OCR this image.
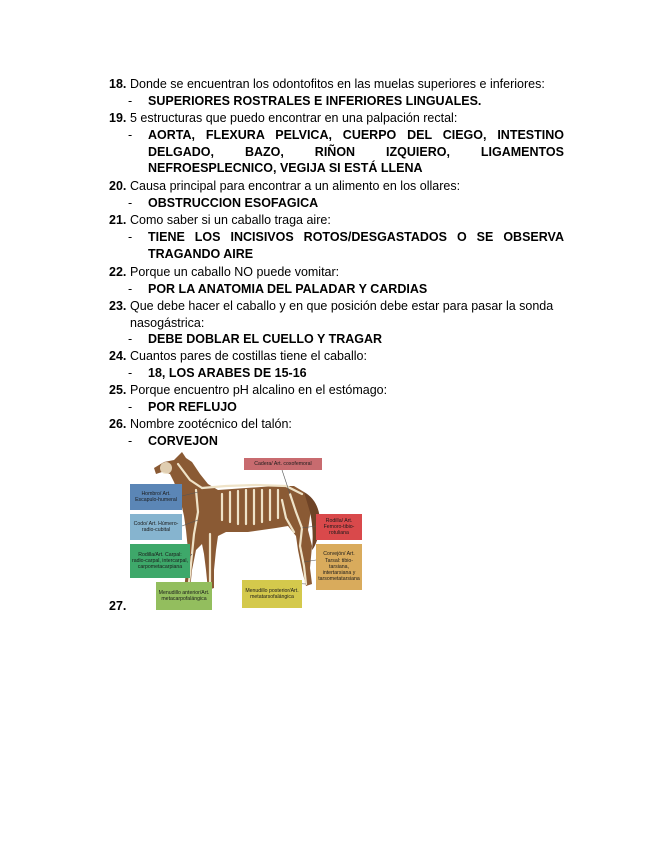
18. Donde se encuentran los odontofitos en las muelas superiores e inferiores:
- SUPERIORES ROSTRALES E INFERIORES LINGUALES.
19. 5 estructuras que puedo encontrar en una palpación rectal:
- AORTA, FLEXURA PELVICA, CUERPO DEL CIEGO, INTESTINO DELGADO, BAZO, RIÑON IZQUIERO, LIGAMENTOS NEFROESPLECNICO, VEGIJA SI ESTÁ LLENA
20. Causa principal para encontrar a un alimento en los ollares:
- OBSTRUCCION ESOFAGICA
21. Como saber si un caballo traga aire:
- TIENE LOS INCISIVOS ROTOS/DESGASTADOS O SE OBSERVA TRAGANDO AIRE
22. Porque un caballo NO puede vomitar:
- POR LA ANATOMIA DEL PALADAR Y CARDIAS
23. Que debe hacer el caballo y en que posición debe estar para pasar la sonda nasogástrica:
- DEBE DOBLAR EL CUELLO Y TRAGAR
24. Cuantos pares de costillas tiene el caballo:
- 18, LOS ARABES DE 15-16
25. Porque encuentro pH alcalino en el estómago:
- POR REFLUJO
26. Nombre zootécnico del talón:
- CORVEJON
Cadera/ Art. coxofemoral
Hombro/ Art. Escapulo-humeral
Codo/ Art. Húmero-radio-cubital
Rodilla/Art. Carpal: radio-carpal, intercarpal, carpometacarpiana
Menudillo anterior/Art. metacarpofalángica
Menudillo posterior/Art. metatarsofalángica
Rodilla/ Art. Femoro-tibio-rotuliana
Corvejón/ Art. Tarsal: tibio-tarsiana, intertarsiana y tarsometatarsiana
27.
